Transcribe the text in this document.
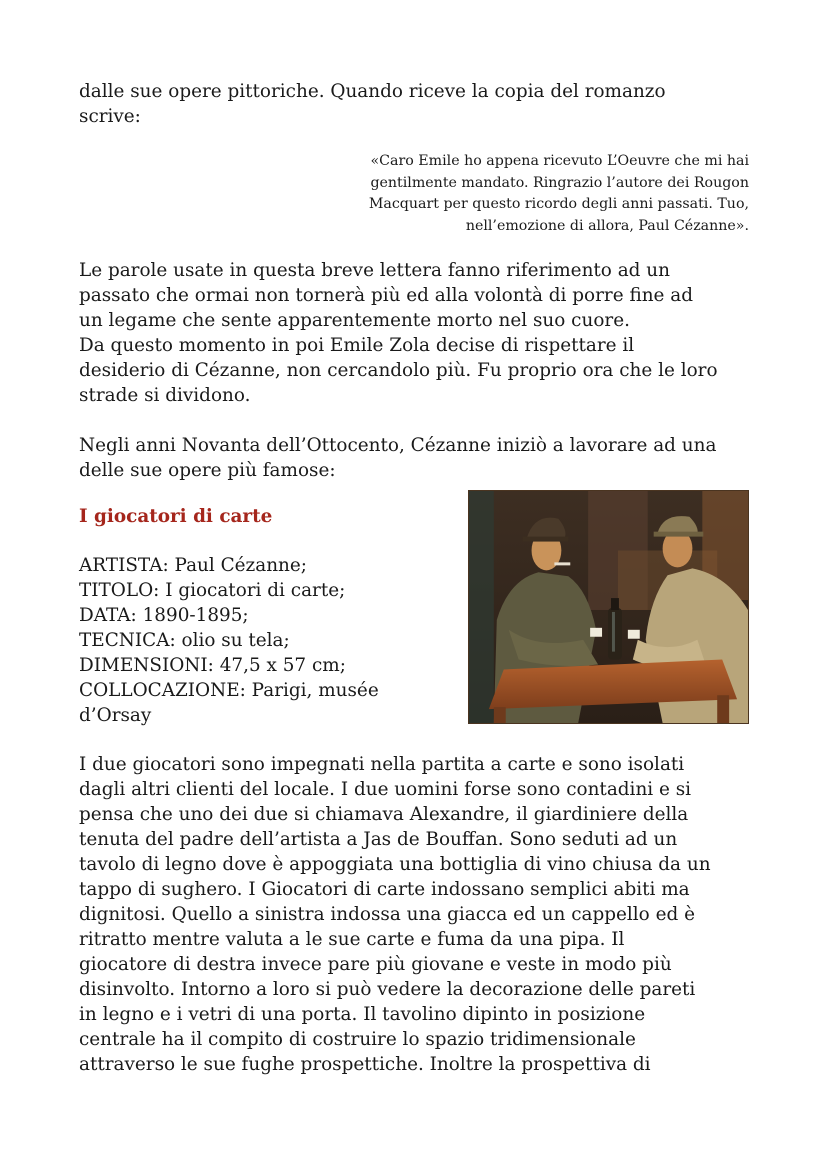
dalle sue opere pittoriche. Quando riceve la copia del romanzo
scrive:

«Caro Emile ho appena ricevuto L’Oeuvre che mi hai
gentilmente mandato. Ringrazio l’autore dei Rougon
Macquart per questo ricordo degli anni passati. Tuo,
nell’emozione di allora, Paul Cézanne».

Le parole usate in questa breve lettera fanno riferimento ad un
passato che ormai non tornerà più ed alla volontà di porre fine ad
un legame che sente apparentemente morto nel suo cuore.
Da questo momento in poi Emile Zola decise di rispettare il
desiderio di Cézanne, non cercandolo più. Fu proprio ora che le loro
strade si dividono.

Negli anni Novanta dell’Ottocento, Cézanne iniziò a lavorare ad una
delle sue opere più famose:

I giocatori di carte

ARTISTA: Paul Cézanne;
TITOLO: I giocatori di carte;
DATA: 1890-1895;
TECNICA: olio su tela;
DIMENSIONI: 47,5 x 57 cm;
COLLOCAZIONE: Parigi, musée
d’Orsay

I due giocatori sono impegnati nella partita a carte e sono isolati
dagli altri clienti del locale. I due uomini forse sono contadini e si
pensa che uno dei due si chiamava Alexandre, il giardiniere della
tenuta del padre dell’artista a Jas de Bouffan. Sono seduti ad un
tavolo di legno dove è appoggiata una bottiglia di vino chiusa da un
tappo di sughero. I Giocatori di carte indossano semplici abiti ma
dignitosi. Quello a sinistra indossa una giacca ed un cappello ed è
ritratto mentre valuta a le sue carte e fuma da una pipa. Il
giocatore di destra invece pare più giovane e veste in modo più
disinvolto. Intorno a loro si può vedere la decorazione delle pareti
in legno e i vetri di una porta. Il tavolino dipinto in posizione
centrale ha il compito di costruire lo spazio tridimensionale
attraverso le sue fughe prospettiche. Inoltre la prospettiva di
